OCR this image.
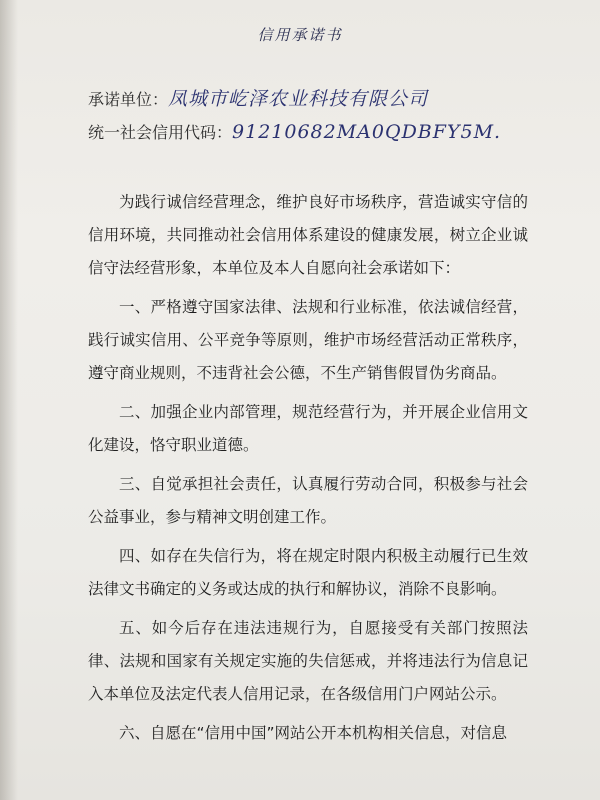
信用承诺书
承诺单位：凤城市屹泽农业科技有限公司
统一社会信用代码：91210682MA0QDBFY5M.

为践行诚信经营理念，维护良好市场秩序，营造诚实守信的信用环境，共同推动社会信用体系建设的健康发展，树立企业诚信守法经营形象，本单位及本人自愿向社会承诺如下：

一、严格遵守国家法律、法规和行业标准，依法诚信经营，践行诚实信用、公平竞争等原则，维护市场经营活动正常秩序，遵守商业规则，不违背社会公德，不生产销售假冒伪劣商品。

二、加强企业内部管理，规范经营行为，并开展企业信用文化建设，恪守职业道德。

三、自觉承担社会责任，认真履行劳动合同，积极参与社会公益事业，参与精神文明创建工作。

四、如存在失信行为，将在规定时限内积极主动履行已生效法律文书确定的义务或达成的执行和解协议，消除不良影响。

五、如今后存在违法违规行为，自愿接受有关部门按照法律、法规和国家有关规定实施的失信惩戒，并将违法行为信息记入本单位及法定代表人信用记录，在各级信用门户网站公示。

六、自愿在“信用中国”网站公开本机构相关信息，对信息
